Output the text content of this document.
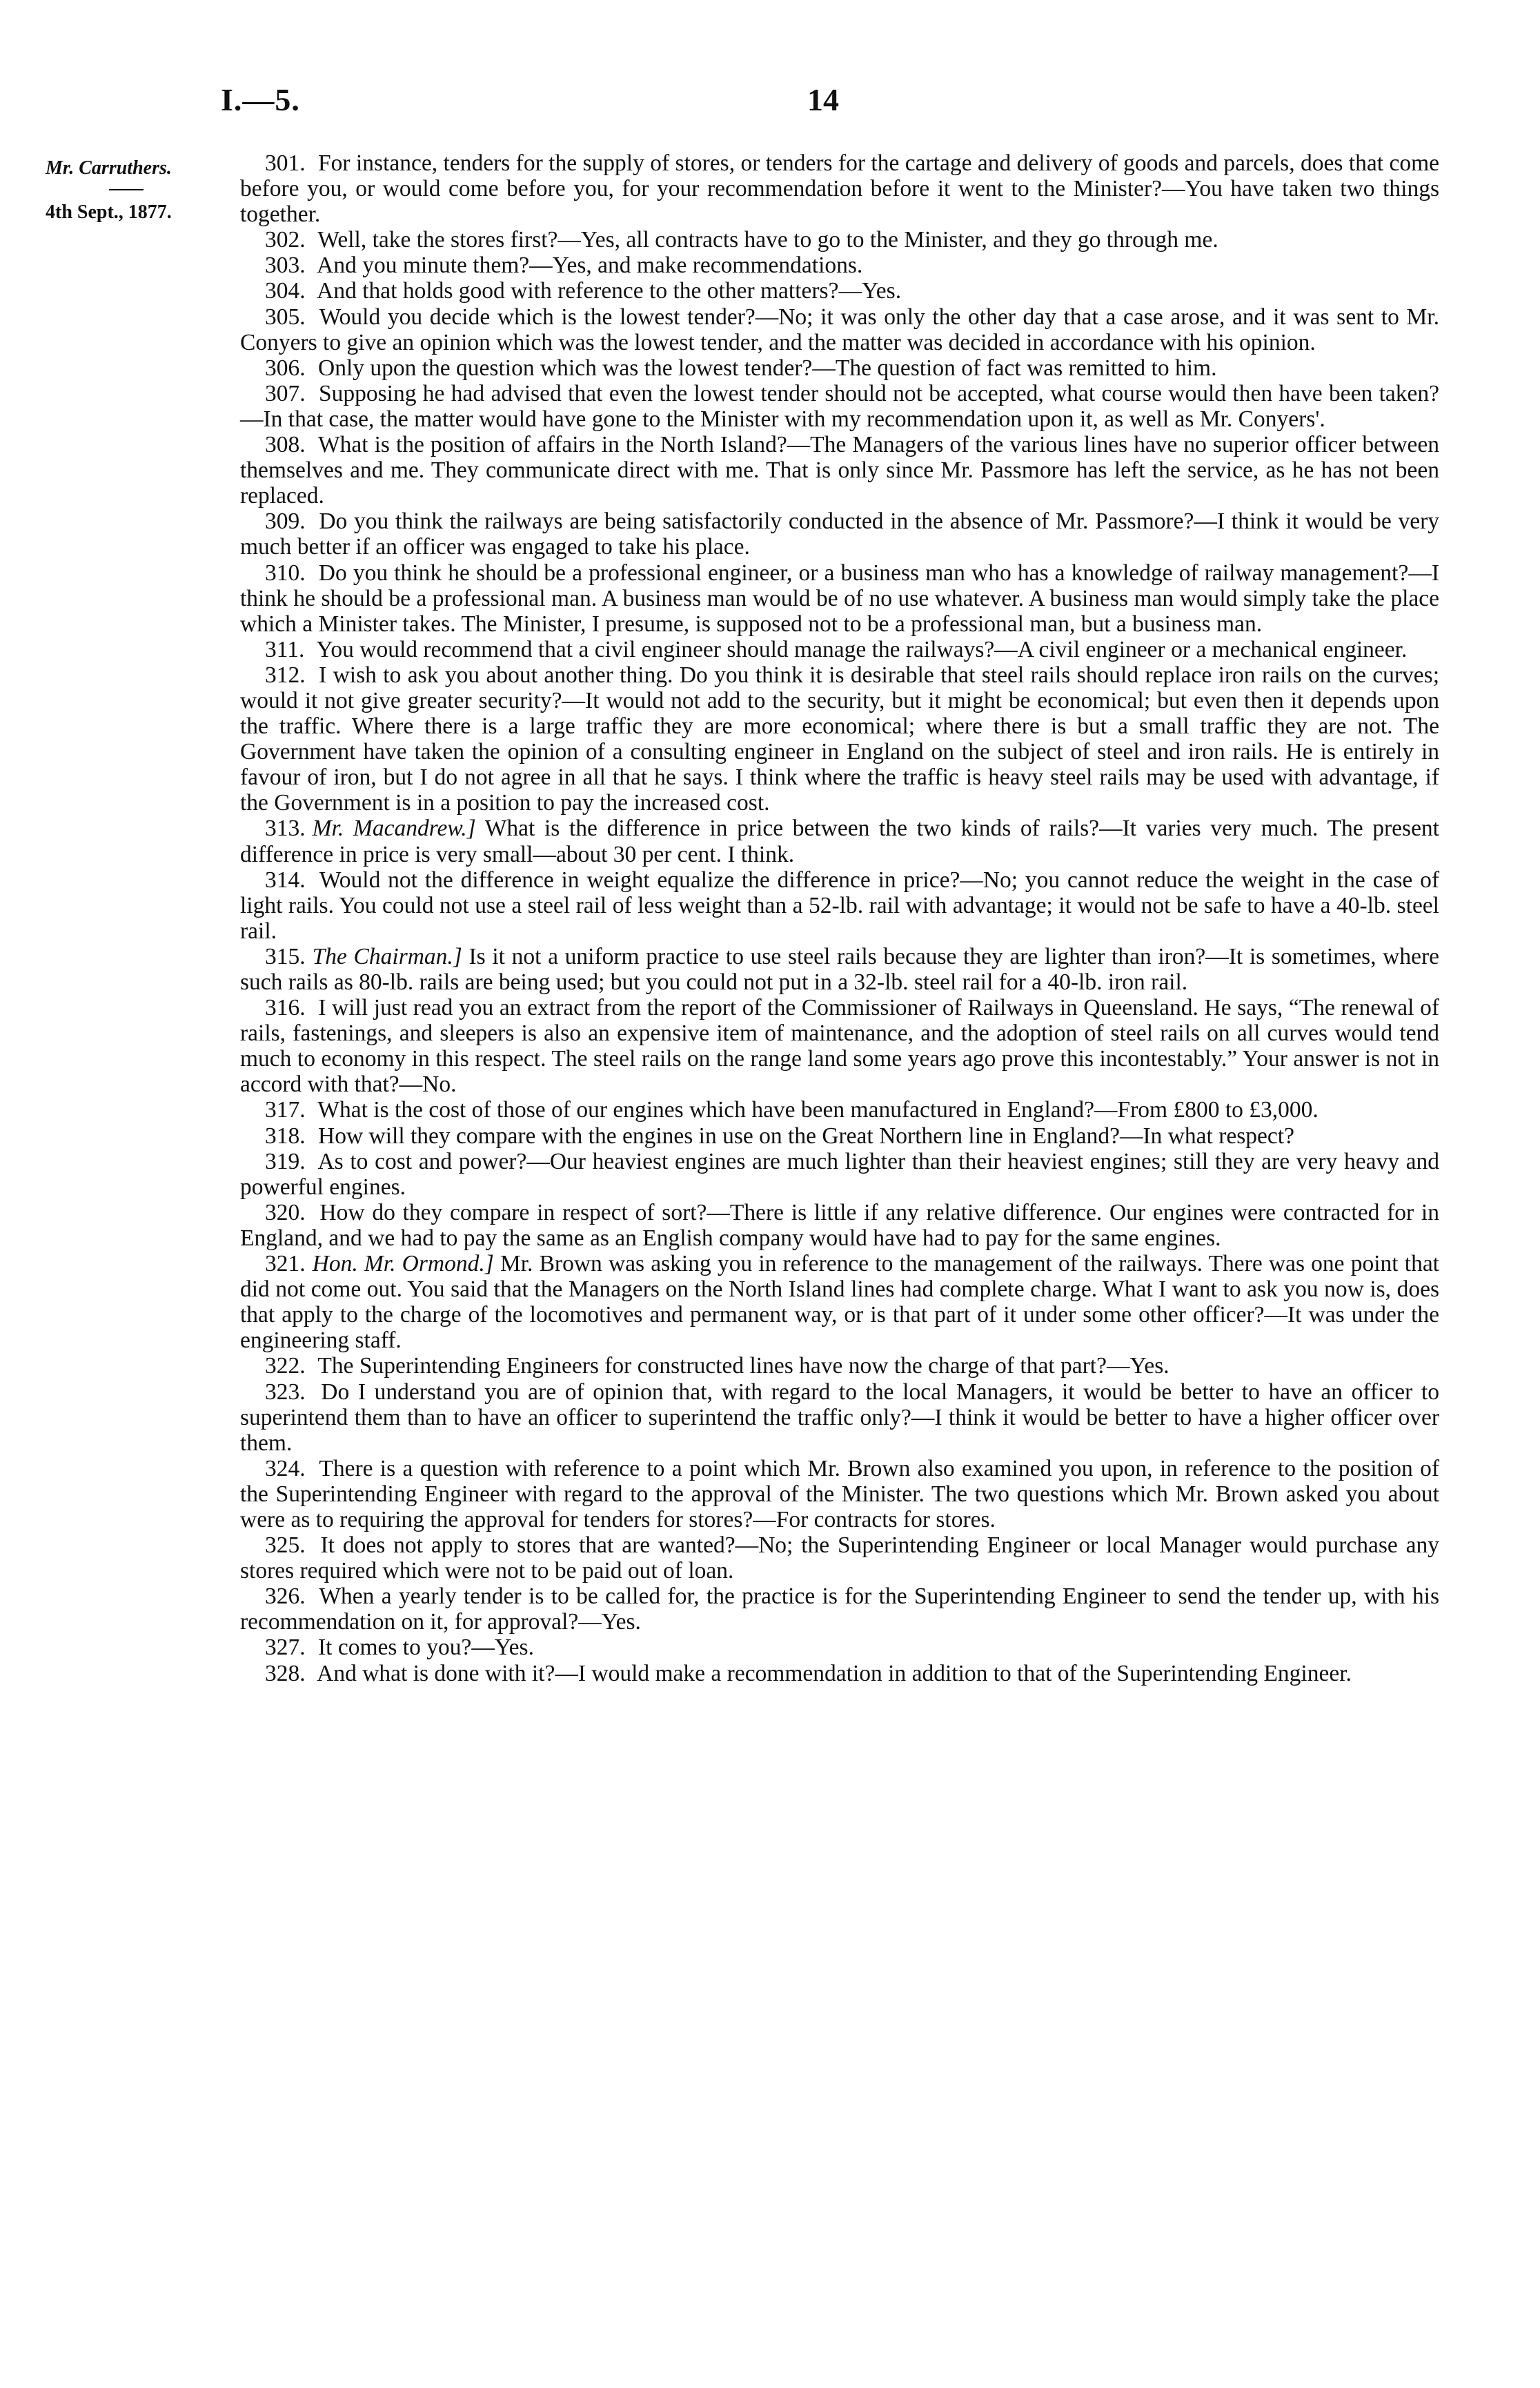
I.—5.	14
Mr. Carruthers.
4th Sept., 1877.

301. For instance, tenders for the supply of stores, or tenders for the cartage and delivery of goods and parcels, does that come before you, or would come before you, for your recommendation before it went to the Minister?—You have taken two things together.

302. Well, take the stores first?—Yes, all contracts have to go to the Minister, and they go through me.

303. And you minute them?—Yes, and make recommendations.

304. And that holds good with reference to the other matters?—Yes.

305. Would you decide which is the lowest tender?—No; it was only the other day that a case arose, and it was sent to Mr. Conyers to give an opinion which was the lowest tender, and the matter was decided in accordance with his opinion.

306. Only upon the question which was the lowest tender?—The question of fact was remitted to him.

307. Supposing he had advised that even the lowest tender should not be accepted, what course would then have been taken?—In that case, the matter would have gone to the Minister with my recommendation upon it, as well as Mr. Conyers'.

308. What is the position of affairs in the North Island?—The Managers of the various lines have no superior officer between themselves and me. They communicate direct with me. That is only since Mr. Passmore has left the service, as he has not been replaced.

309. Do you think the railways are being satisfactorily conducted in the absence of Mr. Passmore?—I think it would be very much better if an officer was engaged to take his place.

310. Do you think he should be a professional engineer, or a business man who has a knowledge of railway management?—I think he should be a professional man. A business man would be of no use whatever. A business man would simply take the place which a Minister takes. The Minister, I presume, is supposed not to be a professional man, but a business man.

311. You would recommend that a civil engineer should manage the railways?—A civil engineer or a mechanical engineer.

312. I wish to ask you about another thing. Do you think it is desirable that steel rails should replace iron rails on the curves; would it not give greater security?—It would not add to the security, but it might be economical; but even then it depends upon the traffic. Where there is a large traffic they are more economical; where there is but a small traffic they are not. The Government have taken the opinion of a consulting engineer in England on the subject of steel and iron rails. He is entirely in favour of iron, but I do not agree in all that he says. I think where the traffic is heavy steel rails may be used with advantage, if the Government is in a position to pay the increased cost.

313. Mr. Macandrew.] What is the difference in price between the two kinds of rails?—It varies very much. The present difference in price is very small—about 30 per cent. I think.

314. Would not the difference in weight equalize the difference in price?—No; you cannot reduce the weight in the case of light rails. You could not use a steel rail of less weight than a 52-lb. rail with advantage; it would not be safe to have a 40-lb. steel rail.

315. The Chairman.] Is it not a uniform practice to use steel rails because they are lighter than iron?—It is sometimes, where such rails as 80-lb. rails are being used; but you could not put in a 32-lb. steel rail for a 40-lb. iron rail.

316. I will just read you an extract from the report of the Commissioner of Railways in Queensland. He says, “The renewal of rails, fastenings, and sleepers is also an expensive item of maintenance, and the adoption of steel rails on all curves would tend much to economy in this respect. The steel rails on the range land some years ago prove this incontestably.” Your answer is not in accord with that?—No.

317. What is the cost of those of our engines which have been manufactured in England?—From £800 to £3,000.

318. How will they compare with the engines in use on the Great Northern line in England?—In what respect?

319. As to cost and power?—Our heaviest engines are much lighter than their heaviest engines; still they are very heavy and powerful engines.

320. How do they compare in respect of sort?—There is little if any relative difference. Our engines were contracted for in England, and we had to pay the same as an English company would have had to pay for the same engines.

321. Hon. Mr. Ormond.] Mr. Brown was asking you in reference to the management of the railways. There was one point that did not come out. You said that the Managers on the North Island lines had complete charge. What I want to ask you now is, does that apply to the charge of the locomotives and permanent way, or is that part of it under some other officer?—It was under the engineering staff.

322. The Superintending Engineers for constructed lines have now the charge of that part?—Yes.

323. Do I understand you are of opinion that, with regard to the local Managers, it would be better to have an officer to superintend them than to have an officer to superintend the traffic only?—I think it would be better to have a higher officer over them.

324. There is a question with reference to a point which Mr. Brown also examined you upon, in reference to the position of the Superintending Engineer with regard to the approval of the Minister. The two questions which Mr. Brown asked you about were as to requiring the approval for tenders for stores?—For contracts for stores.

325. It does not apply to stores that are wanted?—No; the Superintending Engineer or local Manager would purchase any stores required which were not to be paid out of loan.

326. When a yearly tender is to be called for, the practice is for the Superintending Engineer to send the tender up, with his recommendation on it, for approval?—Yes.

327. It comes to you?—Yes.

328. And what is done with it?—I would make a recommendation in addition to that of the Superintending Engineer.
